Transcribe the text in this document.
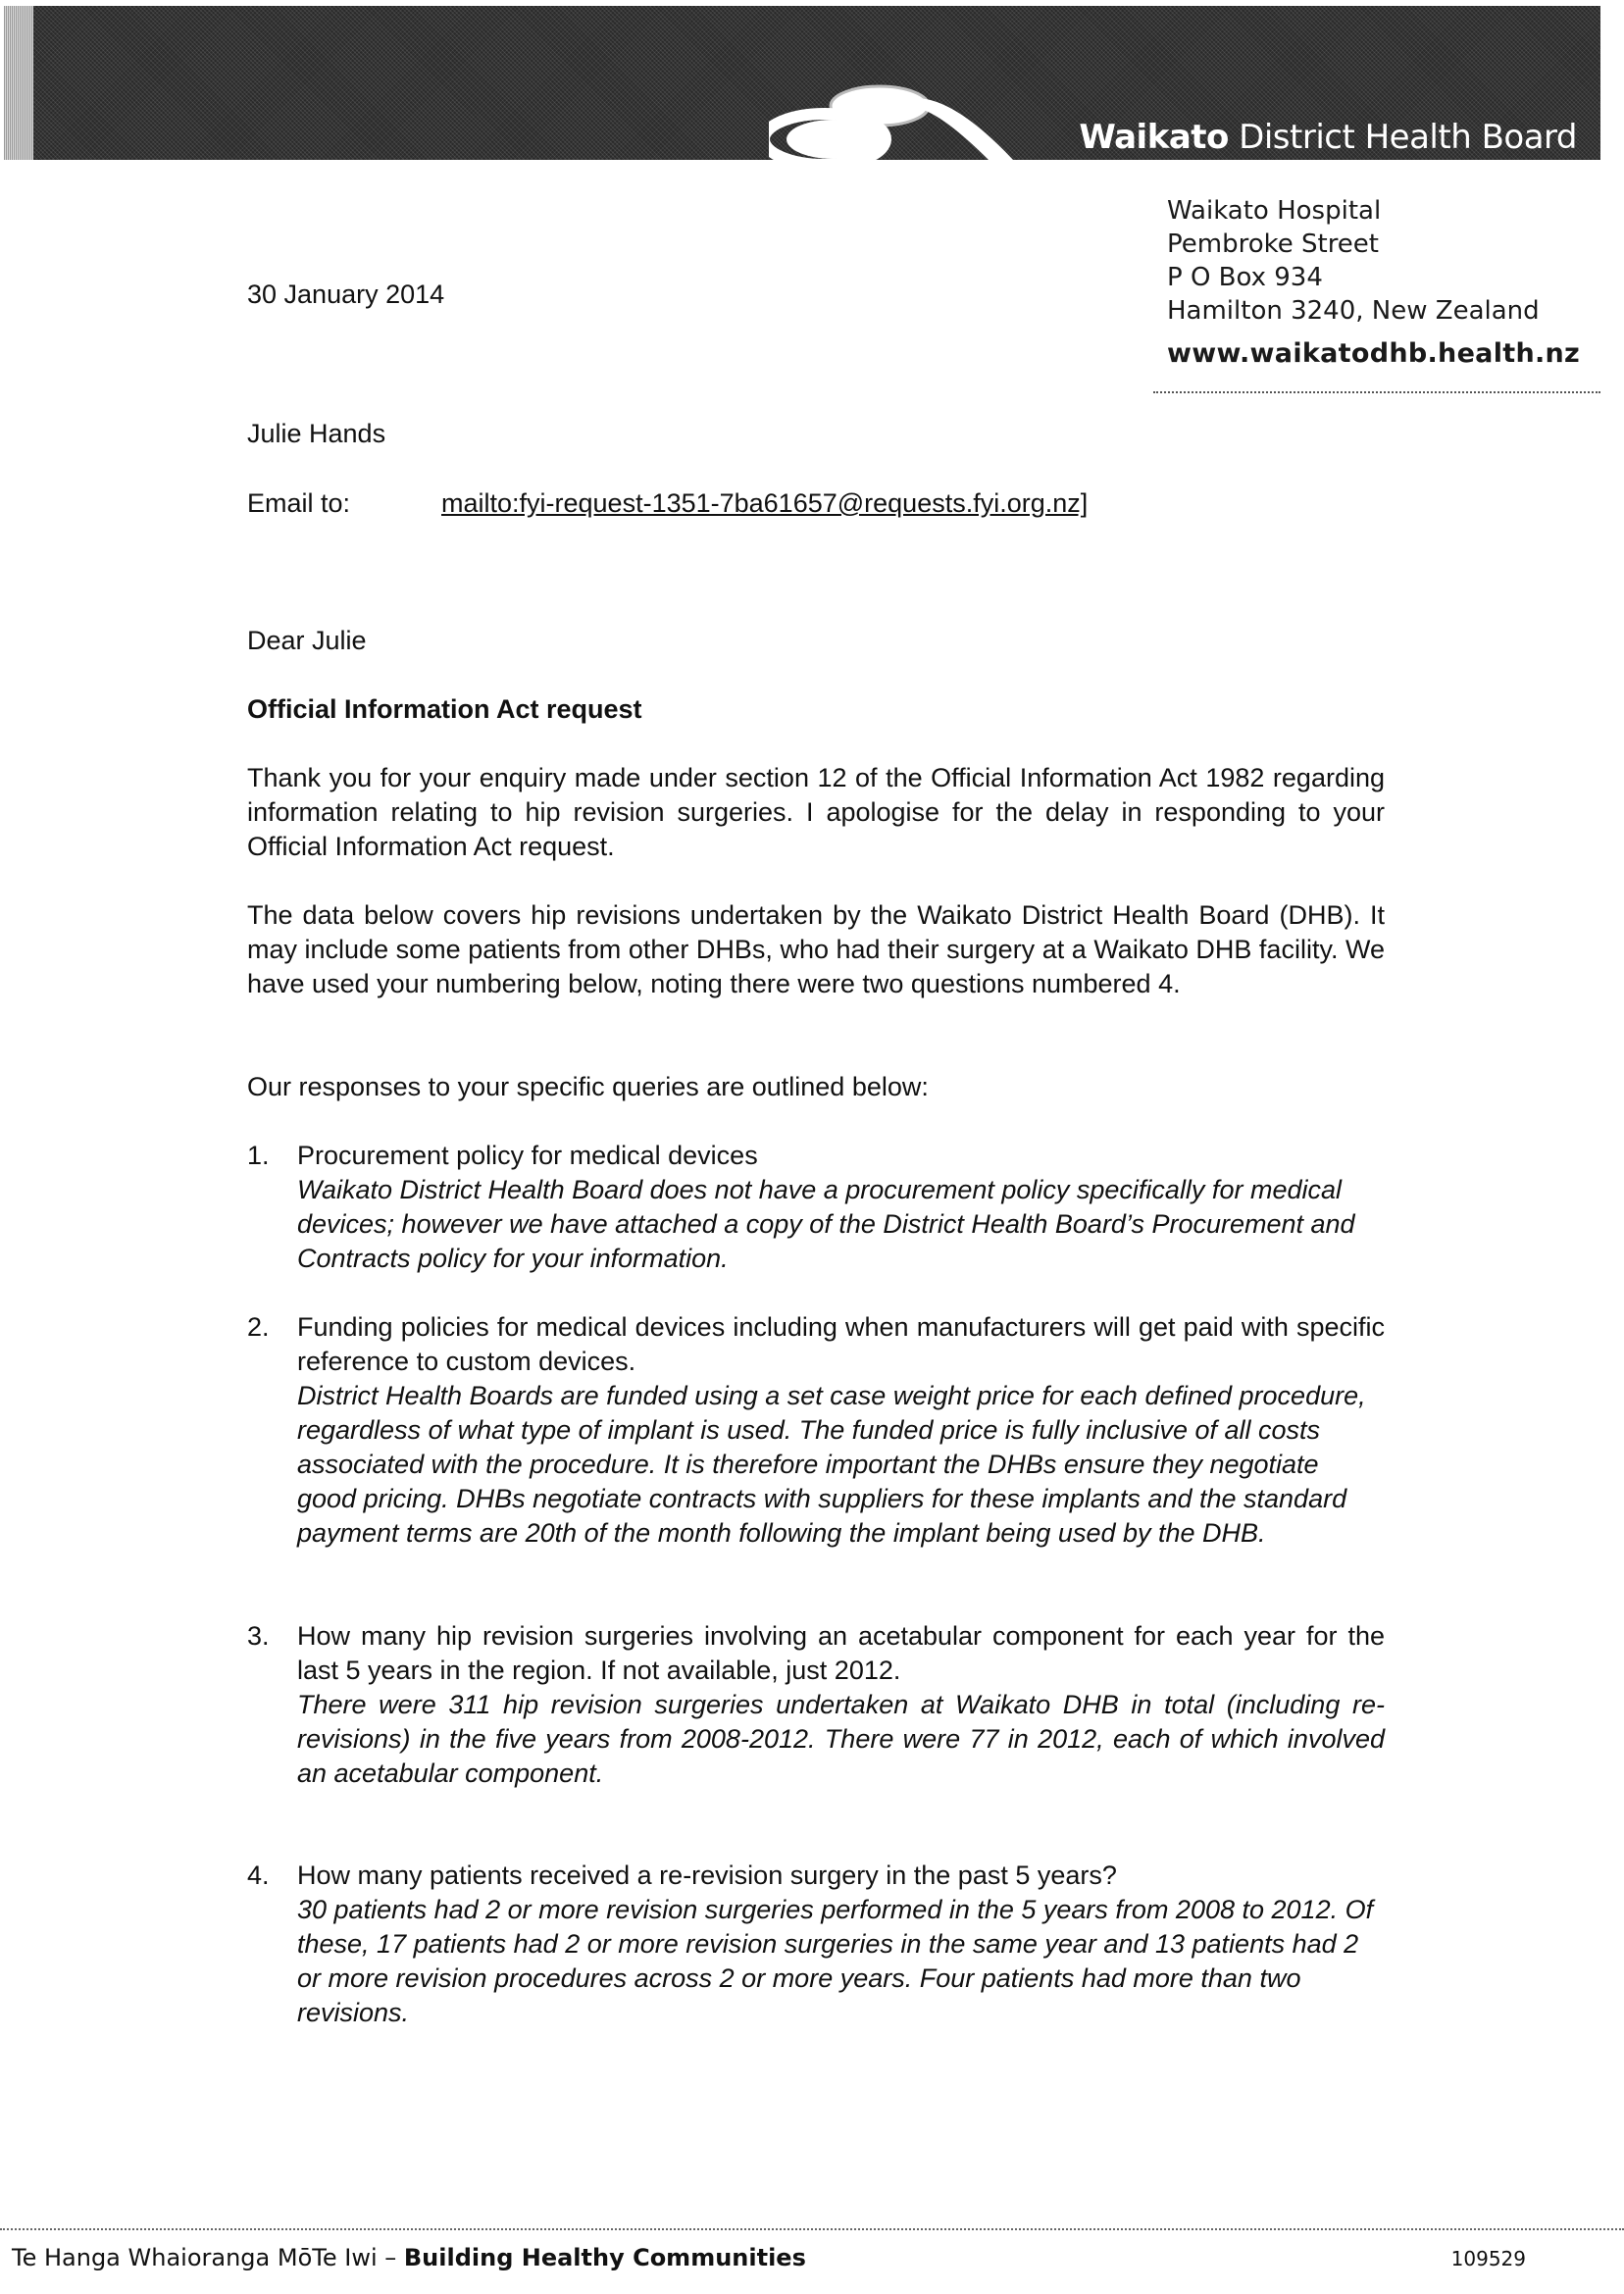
Waikato District Health Board
Waikato Hospital
Pembroke Street
P O Box 934
Hamilton 3240, New Zealand
www.waikatodhb.health.nz
30 January 2014
Julie Hands
Email to:	mailto:fyi-request-1351-7ba61657@requests.fyi.org.nz]
Dear Julie
Official Information Act request
Thank you for your enquiry made under section 12 of the Official Information Act 1982 regarding information relating to hip revision surgeries. I apologise for the delay in responding to your Official Information Act request.
The data below covers hip revisions undertaken by the Waikato District Health Board (DHB). It may include some patients from other DHBs, who had their surgery at a Waikato DHB facility. We have used your numbering below, noting there were two questions numbered 4.
Our responses to your specific queries are outlined below:
1. Procurement policy for medical devices
Waikato District Health Board does not have a procurement policy specifically for medical devices; however we have attached a copy of the District Health Board’s Procurement and Contracts policy for your information.
2. Funding policies for medical devices including when manufacturers will get paid with specific reference to custom devices.
District Health Boards are funded using a set case weight price for each defined procedure, regardless of what type of implant is used. The funded price is fully inclusive of all costs associated with the procedure. It is therefore important the DHBs ensure they negotiate good pricing. DHBs negotiate contracts with suppliers for these implants and the standard payment terms are 20th of the month following the implant being used by the DHB.
3. How many hip revision surgeries involving an acetabular component for each year for the last 5 years in the region. If not available, just 2012.
There were 311 hip revision surgeries undertaken at Waikato DHB in total (including re-revisions) in the five years from 2008-2012. There were 77 in 2012, each of which involved an acetabular component.
4. How many patients received a re-revision surgery in the past 5 years?
30 patients had 2 or more revision surgeries performed in the 5 years from 2008 to 2012. Of these, 17 patients had 2 or more revision surgeries in the same year and 13 patients had 2 or more revision procedures across 2 or more years. Four patients had more than two revisions.
Te Hanga Whaioranga MōTe Iwi – Building Healthy Communities	109529
